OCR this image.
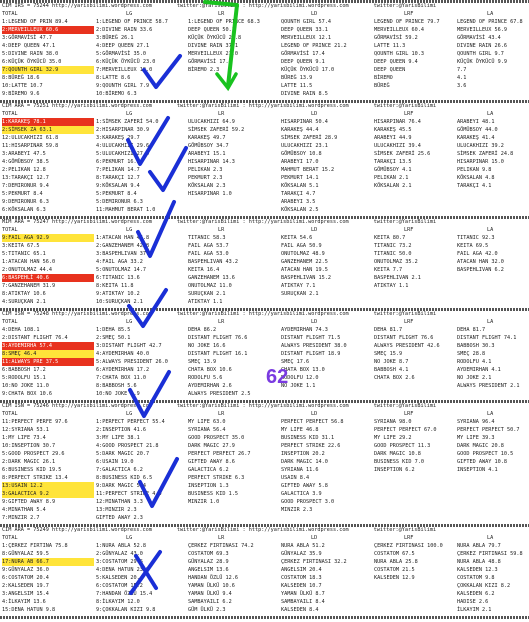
CIM IRS = 75244 http://yarisbilimi.wordpress.com        twitter:@YarisBilimi : http://yarisbilimi.wordpress.com        twitter:@YarisBilimi
TOTAL	LG	LR	LD	LRF	LA
1:LEGEND OF PRIN 89.4	1:LEGEND OF PRINCE 58.7	1:LEGEND OF PRINCE 68.3	QOUNTH GIRL 57.4	LEGEND OF PRINCE 79.7	LEGEND OF PRINCE 67.8
2:MERVEILLEUX 60.6	2:DIVINE RAIN 33.6	DEEP QUEEN 50.1	DEEP QUEEN 33.1	MERVEILLEUX 60.4	MERVEILLEUX 56.9
3:GÖRMAVİSİ 47.7	3:BÜREĞ 26.1	KÜÇÜK ÖYKÜCÜ 29.8	MERVEILLEUX 12.1	GÖRMAVİSİ 59.2	GÖRMAVİSİ 43.4
4:DEEP QUEEN 47.1	4:DEEP QUEEN 27.1	DIVINE RAIN 37.1	LEGEND OF PRINCE 21.2	LATTE 11.3	DIVINE RAIN 26.6
5:DIVINE RAIN 38.0	5:GÖRMAVİSİ 35.0	MERVEILLEUX 21.0	GÖRMAVİSİ 17.4	QOUNTH GIRL 10.3	QOUNTH GIRL 9.7
6:KÜÇÜK ÖYKÜCÜ 35.0	6:KÜÇÜK ÖYKÜCÜ 23.0	GÖRMAVİSİ 17.4	DEEP QUEEN 9.1	DEEP QUEEN 9.4	KÜÇÜK ÖYKÜCÜ 9.9
7:QOUNTH GIRL 32.9	7:MERVEILLEUX 19.0	BİREMO 2.3	KÜÇÜK ÖYKÜCÜ 17.0	DEEP QUEEN	7.7
8:BÜREĞ 18.6	8:LATTE 8.6	BÜREĞ 13.9	BİREMO	4.1
10:LATTE 10.7	9:QOUNTH GIRL 7.9	LATTE 11.5	BÜREĞ	3.6
9:BİREMO 9.6	10:BİREMO 6.3	DIVINE RAIN 8.5
CIM ARA = 75251 http://yarisbilimi.wordpress.com        twitter:@YarisBilimi : http://yarisbilimi.wordpress.com        twitter:@YarisBilimi
TOTAL	LG	LR	LD	LRF	LA
1:KARAKEŞ 78.1	1:SİMSEK ZAFERİ 54.0	ULUCAKHIZI 64.9	HISARPINAR 50.4	HISARPINAR 76.4	ARABEYI 48.1
2:SİMSEK ZA 63.1	2:HISARPINAR 30.9	SİMSEK ZAFERİ 59.2	KARAKEŞ 44.4	KARAKEŞ 45.5	GÖMÜBSOY 44.0
12:ULUCAKHIZI 61.8	3:KARAKEŞ 29.7	KARAKEŞ 49.7	SİMSEK ZAFERİ 28.9	ARABEYI 44.9	KARAKEŞ 41.4
11:HISARPINAR 59.8	4:ULUCAKHIZI 29.6	GÖMÜBSOY 34.7	ULUCAKHIZI 23.1	ULUCAKHIZI 39.4	ULUCAKHIZI 39.2
3:ARABEYI 47.5	5:ULUCAKHIZI 27.4	ARABEYI 15.1	GÖMÜBSOY 10.8	SİMSEK ZAFERİ 25.6	SİMSEK ZAFERİ 24.8
4:GÖMÜBSOY 38.5	6:PEKMURT 16.5	HISARPINAR 14.3	ARABEYI 17.0	TARAKÇI 13.5	HISARPINAR 15.0
2:PELIKAN 12.8	7:PELIKAN 14.7	PELIKAN 2.3	MAHMUT BERAT 15.2	GÖMÜBSOY 4.1	PELIKAN 9.8
13:TARAKÇI 12.7	8:TARAKÇI 12.7	PEKMURT 2.3	PEKMURT 14.1	PELIKAN 2.1	KÖKSALAN 4.8
7:DEMIRONUR 9.4	9:KÖKSALAN 9.4	KÖKSALAN 2.3	KÖKSALAN 5.1	KÖKSALAN 2.1	TARAKÇI 4.1
5:PEKMURT 8.4	5:PEKMURT 8.4	HISARPINAR 1.0	TARAKÇI 4.7
9:DEMIRONUR 6.3	5:DEMIRONUR 6.3	ARABEYI 3.5
6:KÖKSALAN 6.3	11:MAHMUT BERAT 1.0	KÖKSALAN 2.5
MIM ARA = 75247 http://yarisbilimi.wordpress.com        twitter:@YarisBilimi : http://yarisbilimi.wordpress.com        twitter:@YarisBilimi
TOTAL	LG	LR	LD	LRF	LA
9:FAIL AGA 92.9	1:ATACAN HAN 46.8	TITANIC 58.3	KEITA 54.6	KEITA 80.7	TITANIC 92.3
3:KEITA 67.5	2:GANZEHANEM 42.8	FAIL AGA 53.7	FAIL AGA 50.9	TITANIC 73.2	KEITA 69.5
5:TITANIC 65.1	3:BASPEHLIVAN 37.8	FAIL AGA 53.0	ONUTOLMAZ 48.9	TITANIC 50.0	FAIL AGA 42.0
1:ATACAN HAN 56.0	4:FAIL AGA 33.2	BASPEHLIVAN 43.2	GANZEHANEM 22.5	ONUTOLMAZ 35.2	ATACAN HAN 32.0
2:ONUTOLMAZ 44.4	5:ONUTOLMAZ 14.7	KEITA 16.4	ATACAN HAN 19.5	KEITA 7.7	BASPEHLIVAN 6.2
6:BASPEHLİ 40.6	6:TITANIC 13.6	GANZEHANEM 13.6	BASPEHLIVAN 15.2	BASPEHLIVAN 2.1
7:GANZEHANEM 31.9	8:KEITA 11.8	ONUTOLMAZ 11.0	ATIKTAY 7.1	ATIKTAY 1.1
8:ATIKTAY 10.6	9:ATIKTAY 10.2	SURUÇKAN 2.1	SURUÇKAN 2.1
4:SURUÇKAN 2.1	10:SURUÇKAN 2.1	ATIKTAY 1.1
CIM ISN = 75248 http://yarisbilimi.wordpress.com        twitter:@YarisBilimi : http://yarisbilimi.wordpress.com        twitter:@YarisBilimi
TOTAL	LG	LR	LD	LRF	LA
4:DEHA 108.1	1:DEHA 85.5	DEHA 86.2	AYDEMIRHAN 74.3	DEHA 81.7	DEHA 81.7
2:DISTANT FLIGHT 76.4	2:SMEÇ 50.1	DISTANT FLIGHT 76.6	DISTANT FLIGHT 71.5	DISTANT FLIGHT 76.6	DISTANT FLIGHT 74.1
3:AYDEMIRHA 57.4	3:DISTANT FLIGHT 42.7	NO JOKE 16.6	ALWAYS PRESIDENT 38.0	ALWAYS PRESIDENT 42.6	BABBOSH 30.3
8:SMEÇ 46.4	4:AYDEMIRHAN 40.0	DISTANT FLIGHT 16.1	DISTANT FLIGHT 18.9	SMEÇ 15.9	SMEÇ 28.8
11:ALWAYS PRE 37.5	5:ALWAYS PRESIDENT 26.0	SMEÇ 13.9	SMEÇ 17.6	NO JOKE 8.7	RODOLFU 4.1
6:BABBOSH 17.2	6:AYDEMIRHAN 17.2	CHATA BOX 10.6	CHATA BOX 13.0	BABBOSH 4.1	AYDEMIRHAN 4.1
5:RODOLFU 15.1	7:CHATA BOX 11.0	RODOLFU 5.6	RODOLFU 12.0	CHATA BOX 2.6	NO JOKE 2.1
10:NO JOKE 11.0	8:BABBOSH 5.6	AYDEMIRHAN 2.6	NO JOKE 1.1	ALWAYS PRESIDENT 2.1
9:CHATA BOX 10.6	10:NO JOKE 4.9	ALWAYS PRESIDENT 2.5
CIM ISN = 75246 http://yarisbilimi.wordpress.com        twitter:@YarisBilimi : http://yarisbilimi.wordpress.com        twitter:@YarisBilimi
TOTAL	LG	LR	LD	LRF	LA
11:PERFECT PERFE 97.6	1:PERFECT PERFECT 55.4	MY LIFE 63.0	PERFECT PERFECT 56.8	SYRIANA 98.0	SYRIANA 96.4
12:SYRIANA 53.1	2:INSEPTION 41.6	SYRIANA 56.4	MY LIFE 46.8	PERFECT PERFECT 67.0	PERFECT PERFECT 50.7
1:MY LIFE 73.4	3:MY LIFE 38.1	GOOD PROSPECT 35.0	BUSINESS KID 31.1	MY LIFE 29.2	MY LIFE 39.3
10:INSEPTION 30.7	4:GOOD PROSPECT 21.8	DARK MAGIC 27.9	PERFECT STRIKE 22.6	GOOD PROSPECT 11.3	DARK MAGIC 20.8
5:GOOD PROSPECT 29.6	5:DARK MAGIC 20.7	PERFECT PERFECT 26.7	INSEPTION 20.2	DARK MAGIC 10.8	GOOD PROSPECT 10.5
2:DARK MAGIC 26.1	6:USAIN 19.0	GIFTED AWAY 8.6	DARK MAGIC 14.0	BUSINESS KID 7.0	GIFTED AWAY 10.8
6:BUSINESS KID 19.5	7:GALACTICA 6.2	GALACTICA 6.2	SYRIANA 11.6	INSEPTION 6.2	INSEPTION 4.1
8:PERFECT STRIKE 13.4	8:BUSINESS KID 6.5	PERFECT STRIKE 6.3	USAIN 8.4
13:USAIN 12.2	9:DARK MAGIC 5.4	INSEPTION 1.3	GIFTED AWAY 5.8
3:GALACTICA 9.2	11:PERFECT STRIKE 4.0	BUSINESS KID 1.5	GALACTICA 3.9
9:GIFTED AWAY 8.9	12:MINATHAN 3.3	MINZIR 1.0	GOOD PROSPECT 3.0
4:MINATHAN 5.4	13:MINZIR 2.3	MINZIR 2.3
7:MINZIR 2.7	GIFTED AWAY 2.3
CIM ARA = 75249 http://yarisbilimi.wordpress.com        twitter:@YarisBilimi : http://yarisbilimi.wordpress.com        twitter:@YarisBilimi
TOTAL	LG	LR	LD	LRF	LA
1:ÇERKEZ FIRTINA 75.8	1:NURA ABLA 52.8	ÇERKEZ FIRTINASI 74.2	NURA ABLA 51.2	ÇERKEZ FIRTINASI 100.0	NURA ABLA 79.7
8:GÜNYALAZ 59.5	2:GÜNYALAZ 43.0	COSTATOM 69.3	GÜNYALAZ 35.9	COSTATOM 67.5	ÇERKEZ FIRTINASI 59.8
17:NURA AB 66.7	3:COSTATOM 29.6	GÜNYALAZ 28.9	ÇERKEZ FIRTINASI 32.2	NURA ABLA 25.8	NURA ABLA 48.8
9:GÜNYALAZ 36.0	4:DENA HATUN 23.7	ANGELSIM 13.6	ANGELSIM 20.4	COSTATOM 21.5	KALSEDEN 12.3
6:COSTATOM 20.4	5:KALSEDEN 20.4	HANDAN ÖZLÜ 12.6	COSTATOM 18.3	KALSEDEN 12.9	COSTATOM 9.8
2:KALSEDEN 19.7	6:COSTATOM 15.2	YAMAN ÜLKÜ 10.6	KALSEDEN 10.7	ÇOKKALAN KIZI 8.2
3:ANGELSIM 15.4	7:HANDAN ÖZLÜ 15.4	YAMAN ÜLKÜ 9.4	YAMAN ÜLKÜ 8.7	KALSEDEN 6.2
4:İLKAYIM 13.6	8:İLKAYIM 12.0	SAMBAYAILI 6.2	SAMBAYAILI 8.4	HADISE 2.6
15:DENA HATUN 9.8	9:ÇOKKALAN KIZI 9.8	GÜM ÜLKÜ 2.3	KALSEDEN 8.4	İLKAYIM 2.1
62
